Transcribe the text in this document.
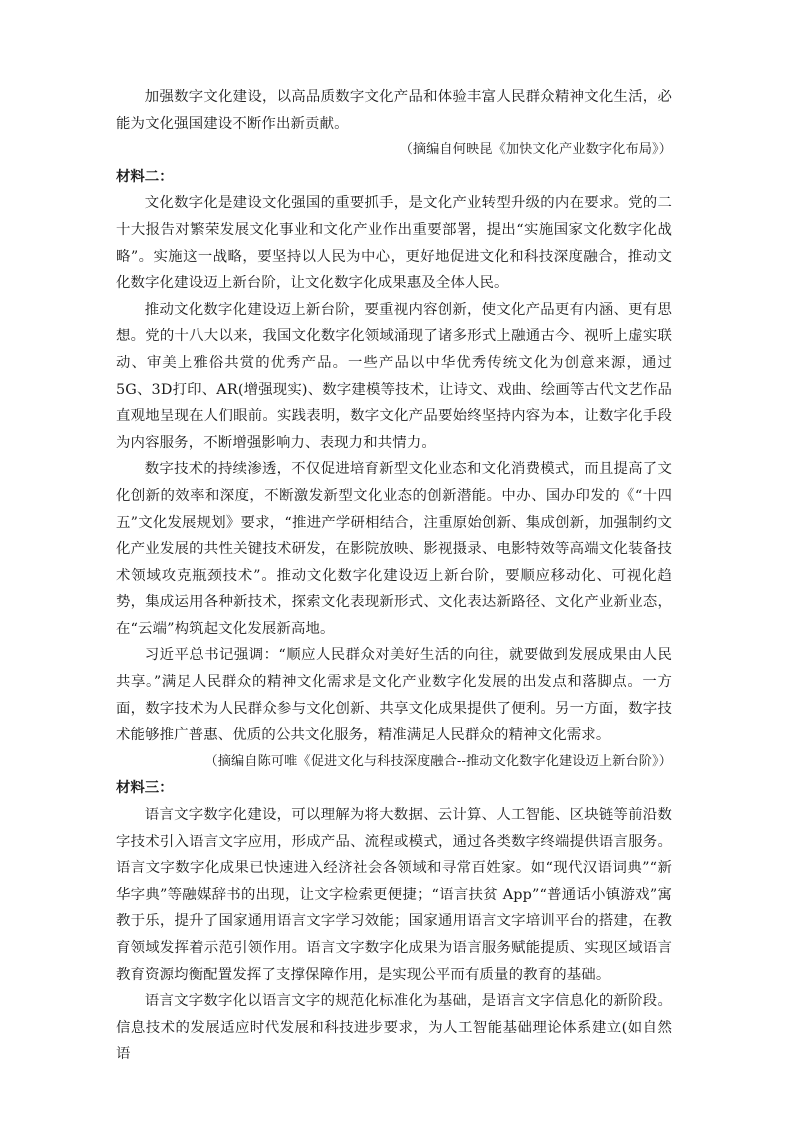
加强数字文化建设，以高品质数字文化产品和体验丰富人民群众精神文化生活，必能为文化强国建设不断作出新贡献。

（摘编自何映昆《加快文化产业数字化布局》）

材料二：

文化数字化是建设文化强国的重要抓手，是文化产业转型升级的内在要求。党的二十大报告对繁荣发展文化事业和文化产业作出重要部署，提出“实施国家文化数字化战略”。实施这一战略，要坚持以人民为中心，更好地促进文化和科技深度融合，推动文化数字化建设迈上新台阶，让文化数字化成果惠及全体人民。

推动文化数字化建设迈上新台阶，要重视内容创新，使文化产品更有内涵、更有思想。党的十八大以来，我国文化数字化领域涌现了诸多形式上融通古今、视听上虚实联动、审美上雅俗共赏的优秀产品。一些产品以中华优秀传统文化为创意来源，通过5G、3D打印、AR(增强现实)、数字建模等技术，让诗文、戏曲、绘画等古代文艺作品直观地呈现在人们眼前。实践表明，数字文化产品要始终坚持内容为本，让数字化手段为内容服务，不断增强影响力、表现力和共情力。

数字技术的持续渗透，不仅促进培育新型文化业态和文化消费模式，而且提高了文化创新的效率和深度，不断激发新型文化业态的创新潜能。中办、国办印发的《“十四五”文化发展规划》要求，“推进产学研相结合，注重原始创新、集成创新，加强制约文化产业发展的共性关键技术研发，在影院放映、影视摄录、电影特效等高端文化装备技术领域攻克瓶颈技术”。推动文化数字化建设迈上新台阶，要顺应移动化、可视化趋势，集成运用各种新技术，探索文化表现新形式、文化表达新路径、文化产业新业态，在“云端”构筑起文化发展新高地。

习近平总书记强调：“顺应人民群众对美好生活的向往，就要做到发展成果由人民共享。”满足人民群众的精神文化需求是文化产业数字化发展的出发点和落脚点。一方面，数字技术为人民群众参与文化创新、共享文化成果提供了便利。另一方面，数字技术能够推广普惠、优质的公共文化服务，精准满足人民群众的精神文化需求。

（摘编自陈可唯《促进文化与科技深度融合--推动文化数字化建设迈上新台阶》）

材料三：

语言文字数字化建设，可以理解为将大数据、云计算、人工智能、区块链等前沿数字技术引入语言文字应用，形成产品、流程或模式，通过各类数字终端提供语言服务。语言文字数字化成果已快速进入经济社会各领域和寻常百姓家。如“现代汉语词典”“新华字典”等融媒辞书的出现，让文字检索更便捷；“语言扶贫 App”“普通话小镇游戏”寓教于乐，提升了国家通用语言文字学习效能；国家通用语言文字培训平台的搭建，在教育领域发挥着示范引领作用。语言文字数字化成果为语言服务赋能提质、实现区域语言教育资源均衡配置发挥了支撑保障作用，是实现公平而有质量的教育的基础。

语言文字数字化以语言文字的规范化标准化为基础，是语言文字信息化的新阶段。信息技术的发展适应时代发展和科技进步要求，为人工智能基础理论体系建立(如自然语
